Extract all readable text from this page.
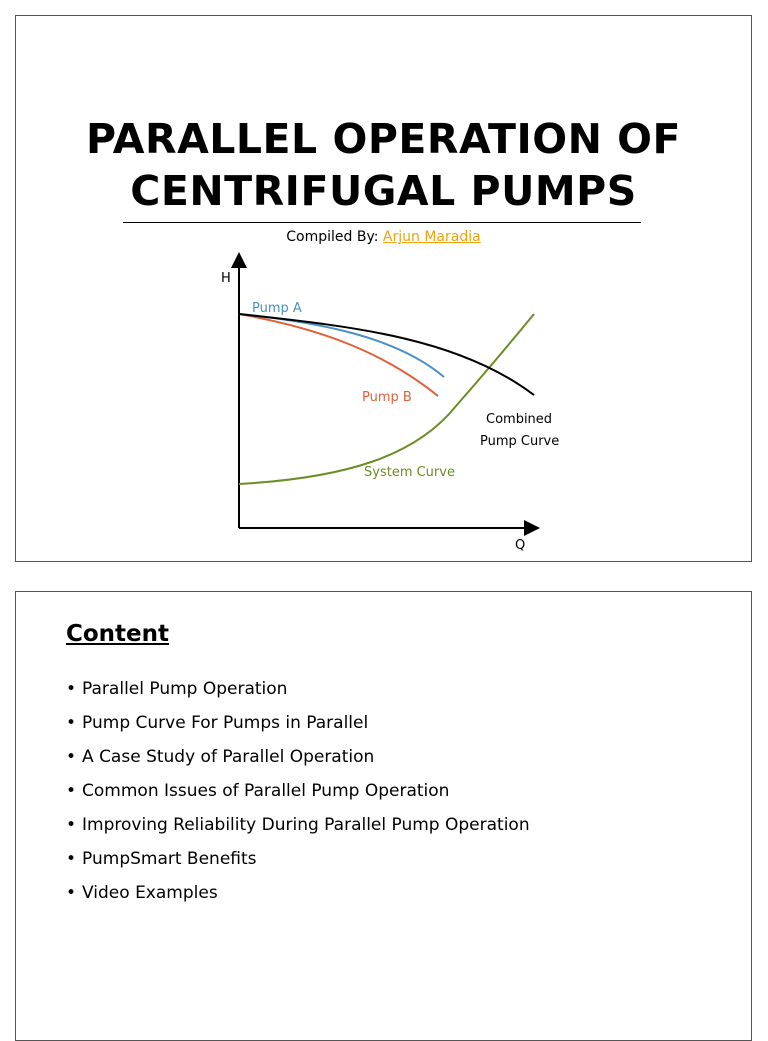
PARALLEL OPERATION OF
CENTRIFUGAL PUMPS
Compiled By: Arjun Maradia
H
Q
Pump A
Pump B
Combined
Pump Curve
System Curve
Content
• Parallel Pump Operation
• Pump Curve For Pumps in Parallel
• A Case Study of Parallel Operation
• Common Issues of Parallel Pump Operation
• Improving Reliability During Parallel Pump Operation
• PumpSmart Benefits
• Video Examples
